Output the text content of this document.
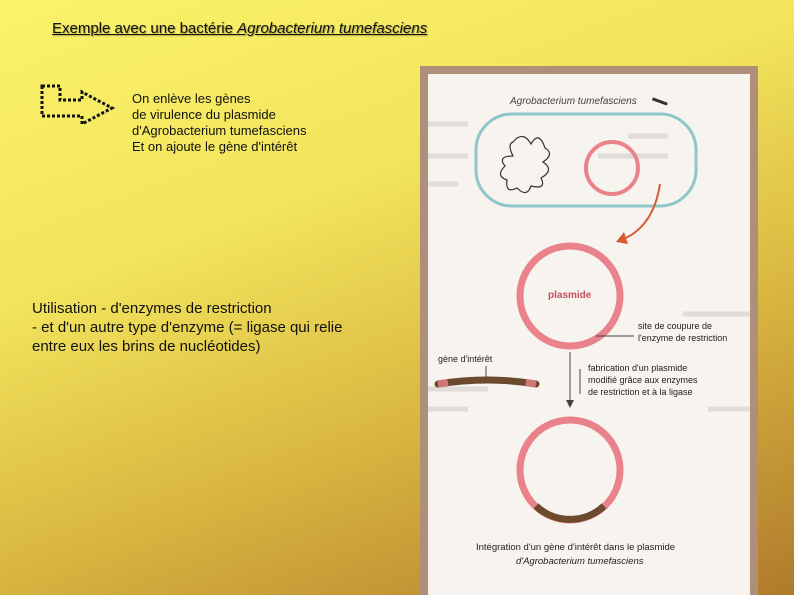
Exemple avec une bactérie Agrobacterium tumefasciens
On enlève les gènes
de virulence du plasmide
d'Agrobacterium tumefasciens
Et on ajoute le gène d'intérêt
Utilisation - d'enzymes de restriction
- et d'un autre type d'enzyme (= ligase qui relie
entre eux les brins de nucléotides)
Agrobacterium tumefasciens
plasmide
site de coupure de
l'enzyme de restriction
gène d'intérêt
fabrication d'un plasmide
modifié grâce aux enzymes
de restriction et à la ligase
Intégration d'un gène d'intérêt dans le plasmide
d'Agrobacterium tumefasciens
